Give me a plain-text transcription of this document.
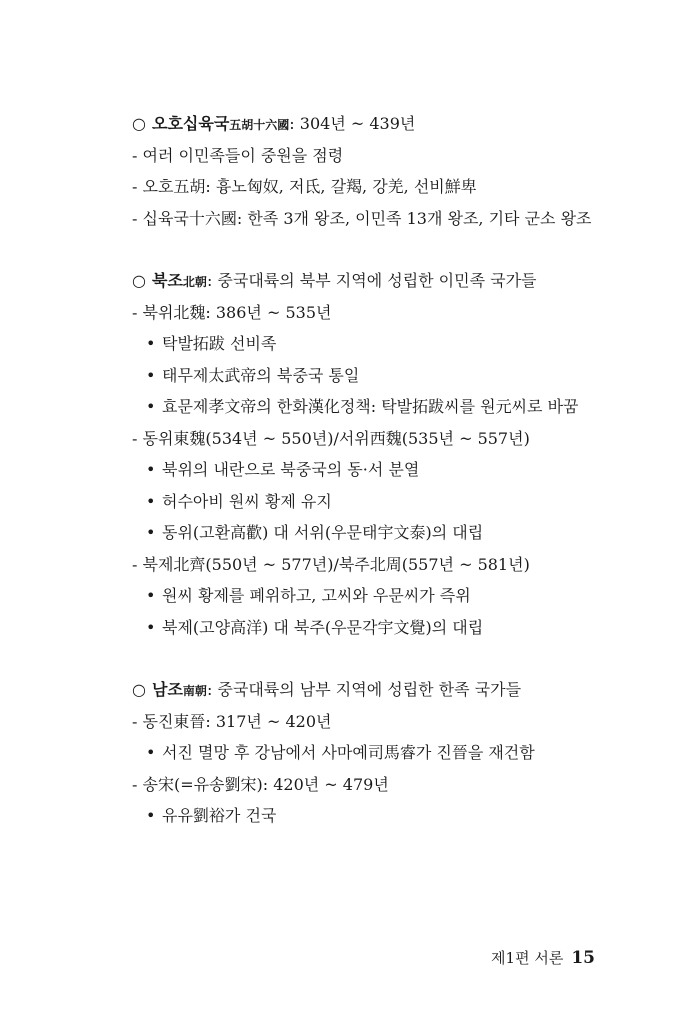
○ 오호십육국五胡十六國: 304년 ~ 439년
- 여러 이민족들이 중원을 점령
- 오호五胡: 흉노匈奴, 저氐, 갈羯, 강羌, 선비鮮卑
- 십육국十六國: 한족 3개 왕조, 이민족 13개 왕조, 기타 군소 왕조
○ 북조北朝: 중국대륙의 북부 지역에 성립한 이민족 국가들
- 북위北魏: 386년 ~ 535년
• 탁발拓跋 선비족
• 태무제太武帝의 북중국 통일
• 효문제孝文帝의 한화漢化정책: 탁발拓跋씨를 원元씨로 바꿈
- 동위東魏(534년 ~ 550년)/서위西魏(535년 ~ 557년)
• 북위의 내란으로 북중국의 동·서 분열
• 허수아비 원씨 황제 유지
• 동위(고환高歡) 대 서위(우문태宇文泰)의 대립
- 북제北齊(550년 ~ 577년)/북주北周(557년 ~ 581년)
• 원씨 황제를 폐위하고, 고씨와 우문씨가 즉위
• 북제(고양高洋) 대 북주(우문각宇文覺)의 대립
○ 남조南朝: 중국대륙의 남부 지역에 성립한 한족 국가들
- 동진東晉: 317년 ~ 420년
• 서진 멸망 후 강남에서 사마예司馬睿가 진晉을 재건함
- 송宋(=유송劉宋): 420년 ~ 479년
• 유유劉裕가 건국
제1편 서론 15
